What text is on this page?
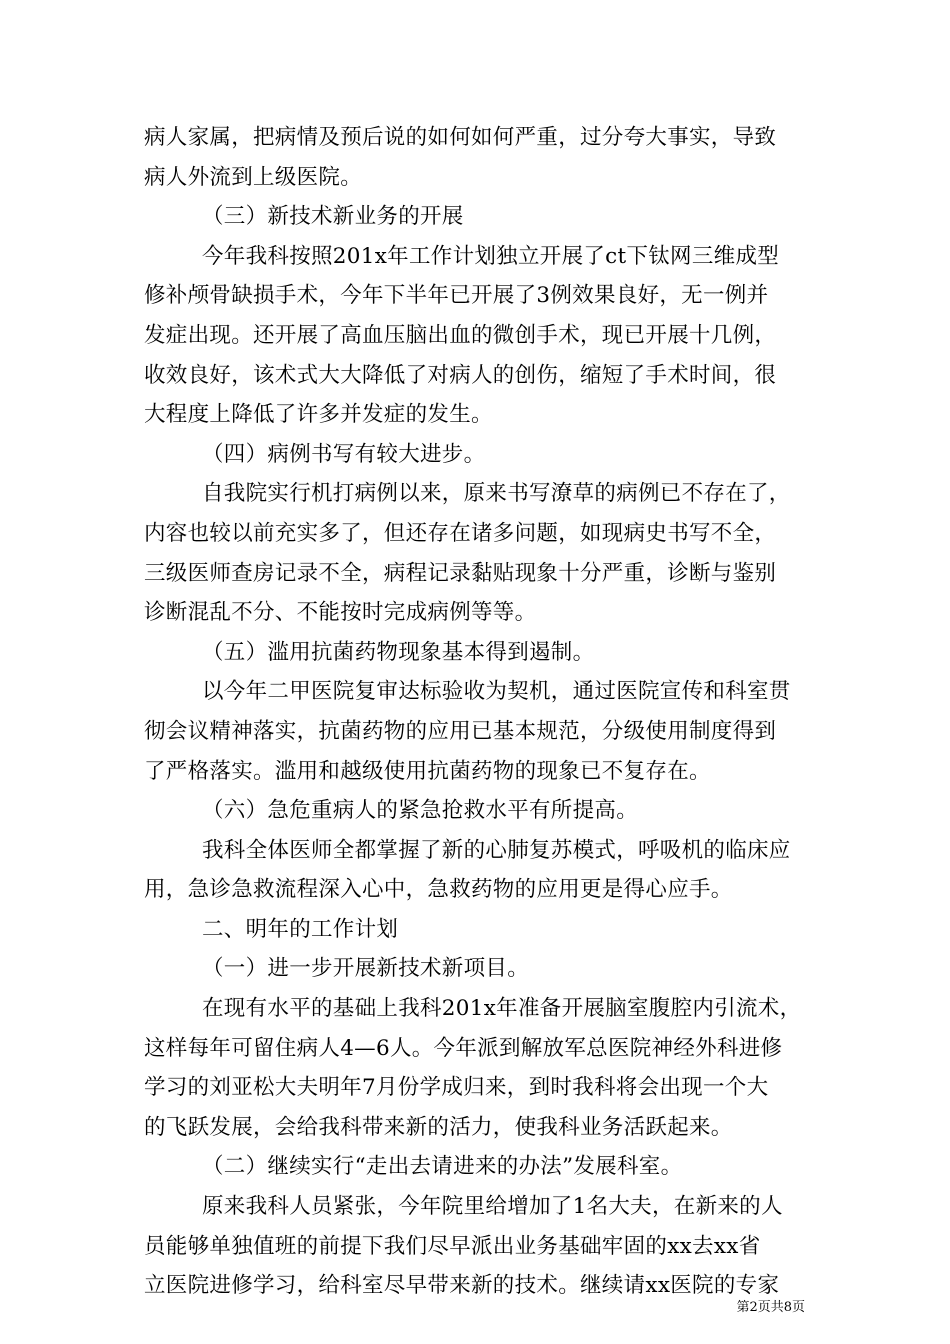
病人家属，把病情及预后说的如何如何严重，过分夸大事实，导致
病人外流到上级医院。
（三）新技术新业务的开展
今年我科按照201x年工作计划独立开展了ct下钛网三维成型
修补颅骨缺损手术，今年下半年已开展了3例效果良好，无一例并
发症出现。还开展了高血压脑出血的微创手术，现已开展十几例，
收效良好，该术式大大降低了对病人的创伤，缩短了手术时间，很
大程度上降低了许多并发症的发生。
（四）病例书写有较大进步。
自我院实行机打病例以来，原来书写潦草的病例已不存在了，
内容也较以前充实多了，但还存在诸多问题，如现病史书写不全，
三级医师查房记录不全，病程记录黏贴现象十分严重，诊断与鉴别
诊断混乱不分、不能按时完成病例等等。
（五）滥用抗菌药物现象基本得到遏制。
以今年二甲医院复审达标验收为契机，通过医院宣传和科室贯
彻会议精神落实，抗菌药物的应用已基本规范，分级使用制度得到
了严格落实。滥用和越级使用抗菌药物的现象已不复存在。
（六）急危重病人的紧急抢救水平有所提高。
我科全体医师全都掌握了新的心肺复苏模式，呼吸机的临床应
用，急诊急救流程深入心中，急救药物的应用更是得心应手。
二、明年的工作计划
（一）进一步开展新技术新项目。
在现有水平的基础上我科201x年准备开展脑室腹腔内引流术，
这样每年可留住病人4—6人。今年派到解放军总医院神经外科进修
学习的刘亚松大夫明年7月份学成归来，到时我科将会出现一个大
的飞跃发展，会给我科带来新的活力，使我科业务活跃起来。
（二）继续实行“走出去请进来的办法”发展科室。
原来我科人员紧张，今年院里给增加了1名大夫，在新来的人
员能够单独值班的前提下我们尽早派出业务基础牢固的xx去xx省
立医院进修学习，给科室尽早带来新的技术。继续请xx医院的专家
第2页共8页
